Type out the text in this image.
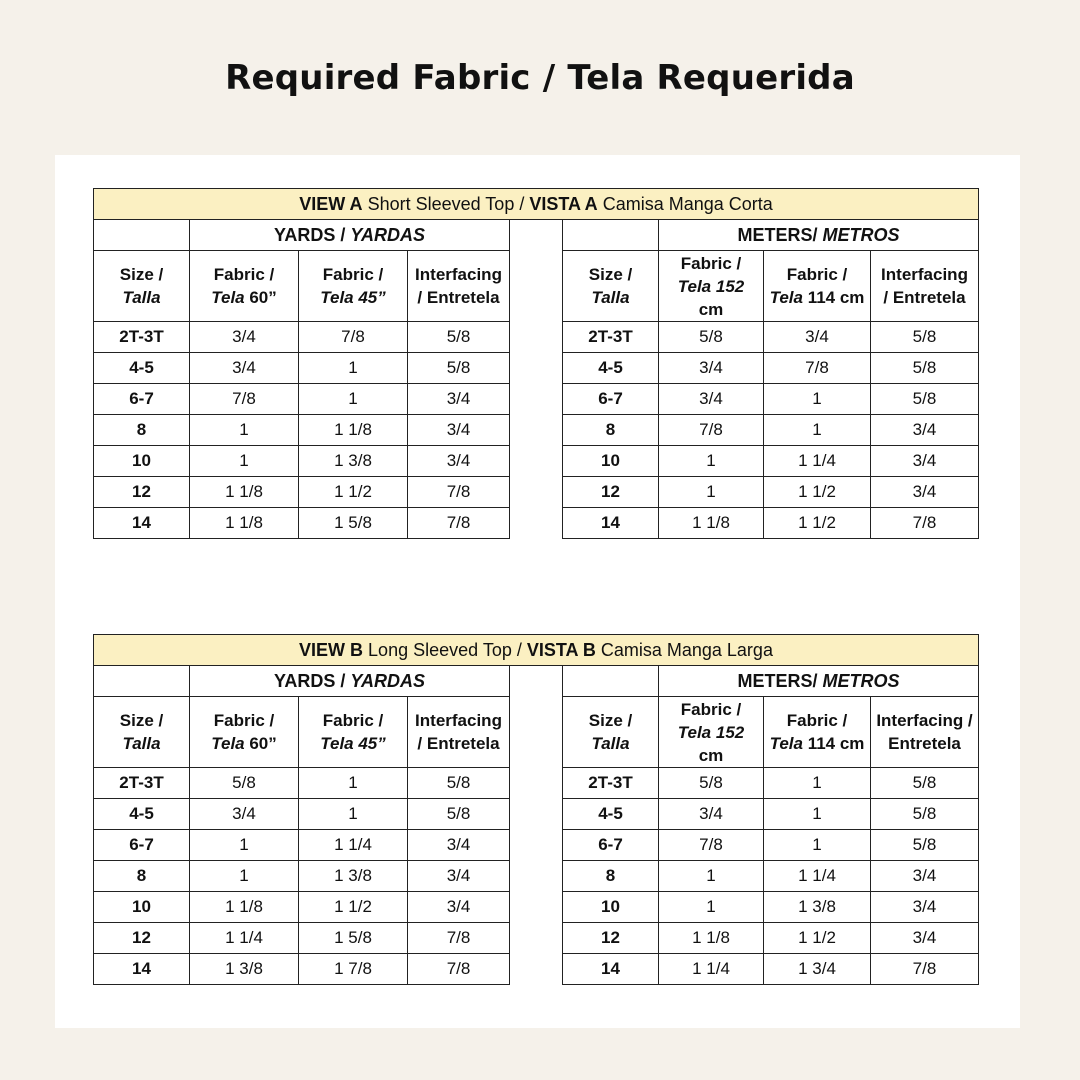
Required Fabric / Tela Requerida
VIEW A Short Sleeved Top / VISTA A Camisa Manga Corta
	YARDS / YARDAS		
Size /
Talla	Fabric /
Tela 60”	Fabric /
Tela 45”	Interfacing
/ Entretela
2T-3T	3/4	7/8	5/8
4-5	3/4	1	5/8
6-7	7/8	1	3/4
8	1	1 1/8	3/4
10	1	1 3/8	3/4
12	1 1/8	1 1/2	7/8
14	1 1/8	1 5/8	7/8
	METERS/ METROS		
Size /
Talla	Fabric /
Tela 152
cm	Fabric /
Tela 114 cm	Interfacing
/ Entretela
2T-3T	5/8	3/4	5/8
4-5	3/4	7/8	5/8
6-7	3/4	1	5/8
8	7/8	1	3/4
10	1	1 1/4	3/4
12	1	1 1/2	3/4
14	1 1/8	1 1/2	7/8
VIEW B Long Sleeved Top / VISTA B Camisa Manga Larga
	YARDS / YARDAS		
Size /
Talla	Fabric /
Tela 60”	Fabric /
Tela 45”	Interfacing
/ Entretela
2T-3T	5/8	1	5/8
4-5	3/4	1	5/8
6-7	1	1 1/4	3/4
8	1	1 3/8	3/4
10	1 1/8	1 1/2	3/4
12	1 1/4	1 5/8	7/8
14	1 3/8	1 7/8	7/8
	METERS/ METROS		
Size /
Talla	Fabric /
Tela 152
cm	Fabric /
Tela 114 cm	Interfacing /
Entretela
2T-3T	5/8	1	5/8
4-5	3/4	1	5/8
6-7	7/8	1	5/8
8	1	1 1/4	3/4
10	1	1 3/8	3/4
12	1 1/8	1 1/2	3/4
14	1 1/4	1 3/4	7/8
